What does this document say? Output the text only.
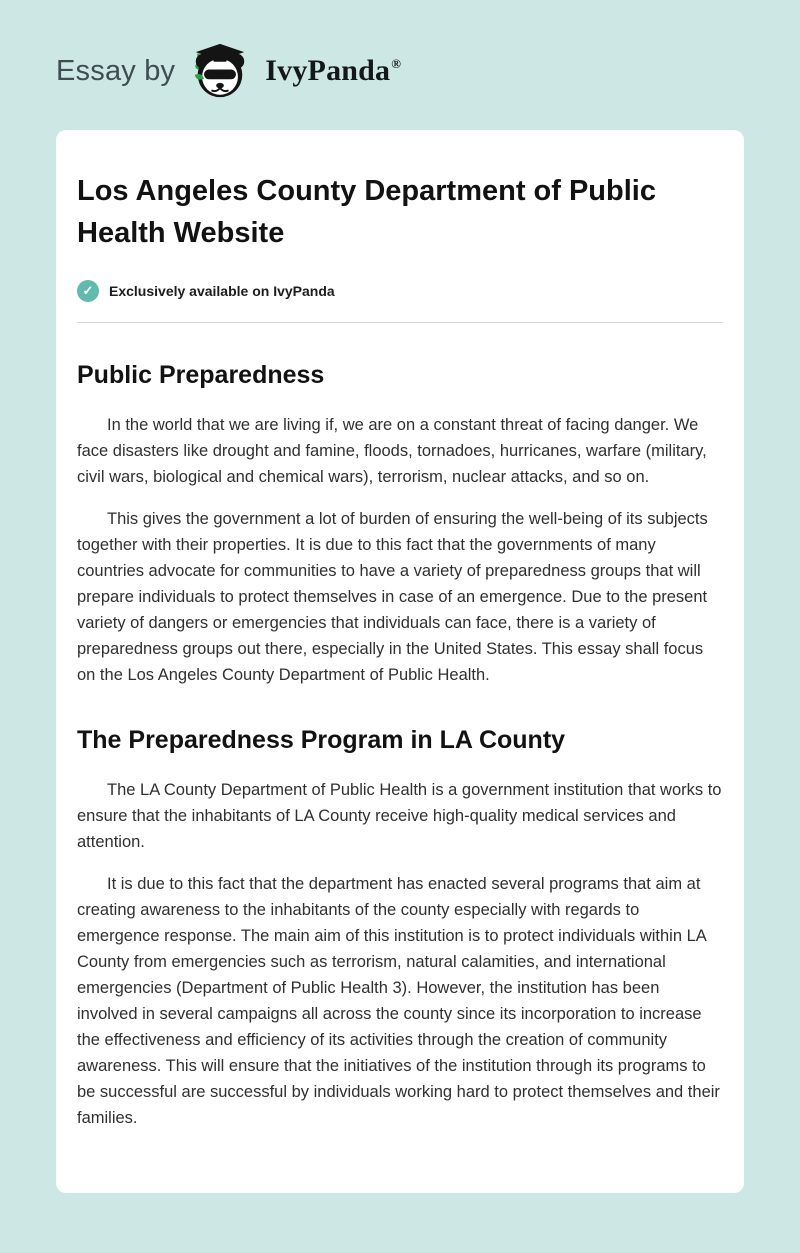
Essay by	IvyPanda®
Los Angeles County Department of Public Health Website
✓	Exclusively available on IvyPanda
Public Preparedness

In the world that we are living if, we are on a constant threat of facing danger. We face disasters like drought and famine, floods, tornadoes, hurricanes, warfare (military, civil wars, biological and chemical wars), terrorism, nuclear attacks, and so on.

This gives the government a lot of burden of ensuring the well-being of its subjects together with their properties. It is due to this fact that the governments of many countries advocate for communities to have a variety of preparedness groups that will prepare individuals to protect themselves in case of an emergence. Due to the present variety of dangers or emergencies that individuals can face, there is a variety of preparedness groups out there, especially in the United States. This essay shall focus on the Los Angeles County Department of Public Health.

The Preparedness Program in LA County

The LA County Department of Public Health is a government institution that works to ensure that the inhabitants of LA County receive high-quality medical services and attention.

It is due to this fact that the department has enacted several programs that aim at creating awareness to the inhabitants of the county especially with regards to emergence response. The main aim of this institution is to protect individuals within LA County from emergencies such as terrorism, natural calamities, and international emergencies (Department of Public Health 3). However, the institution has been involved in several campaigns all across the county since its incorporation to increase the effectiveness and efficiency of its activities through the creation of community awareness. This will ensure that the initiatives of the institution through its programs to be successful are successful by individuals working hard to protect themselves and their families.
